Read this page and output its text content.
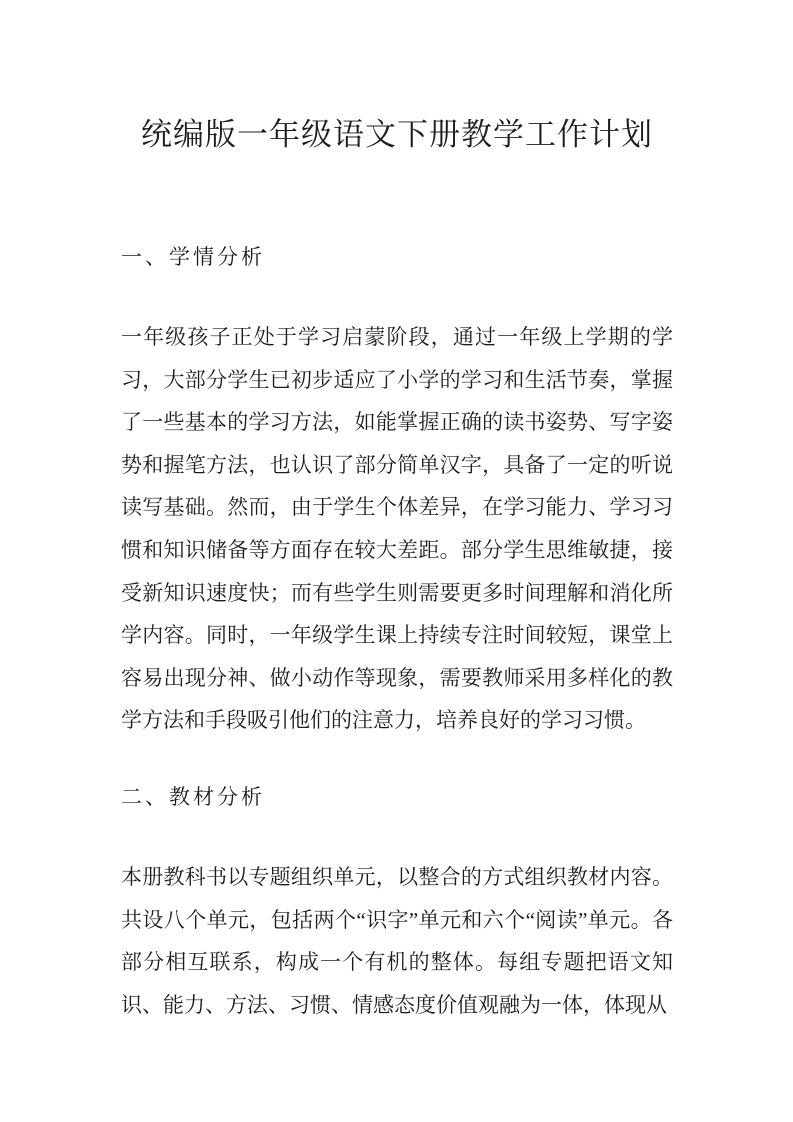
统编版一年级语文下册教学工作计划
一、学情分析
一年级孩子正处于学习启蒙阶段，通过一年级上学期的学习，大部分学生已初步适应了小学的学习和生活节奏，掌握了一些基本的学习方法，如能掌握正确的读书姿势、写字姿势和握笔方法，也认识了部分简单汉字，具备了一定的听说读写基础。然而，由于学生个体差异，在学习能力、学习习惯和知识储备等方面存在较大差距。部分学生思维敏捷，接受新知识速度快；而有些学生则需要更多时间理解和消化所学内容。同时，一年级学生课上持续专注时间较短，课堂上容易出现分神、做小动作等现象，需要教师采用多样化的教学方法和手段吸引他们的注意力，培养良好的学习习惯。
二、教材分析
本册教科书以专题组织单元，以整合的方式组织教材内容。共设八个单元，包括两个“识字”单元和六个“阅读”单元。各部分相互联系，构成一个有机的整体。每组专题把语文知识、能力、方法、习惯、情感态度价值观融为一体，体现从
